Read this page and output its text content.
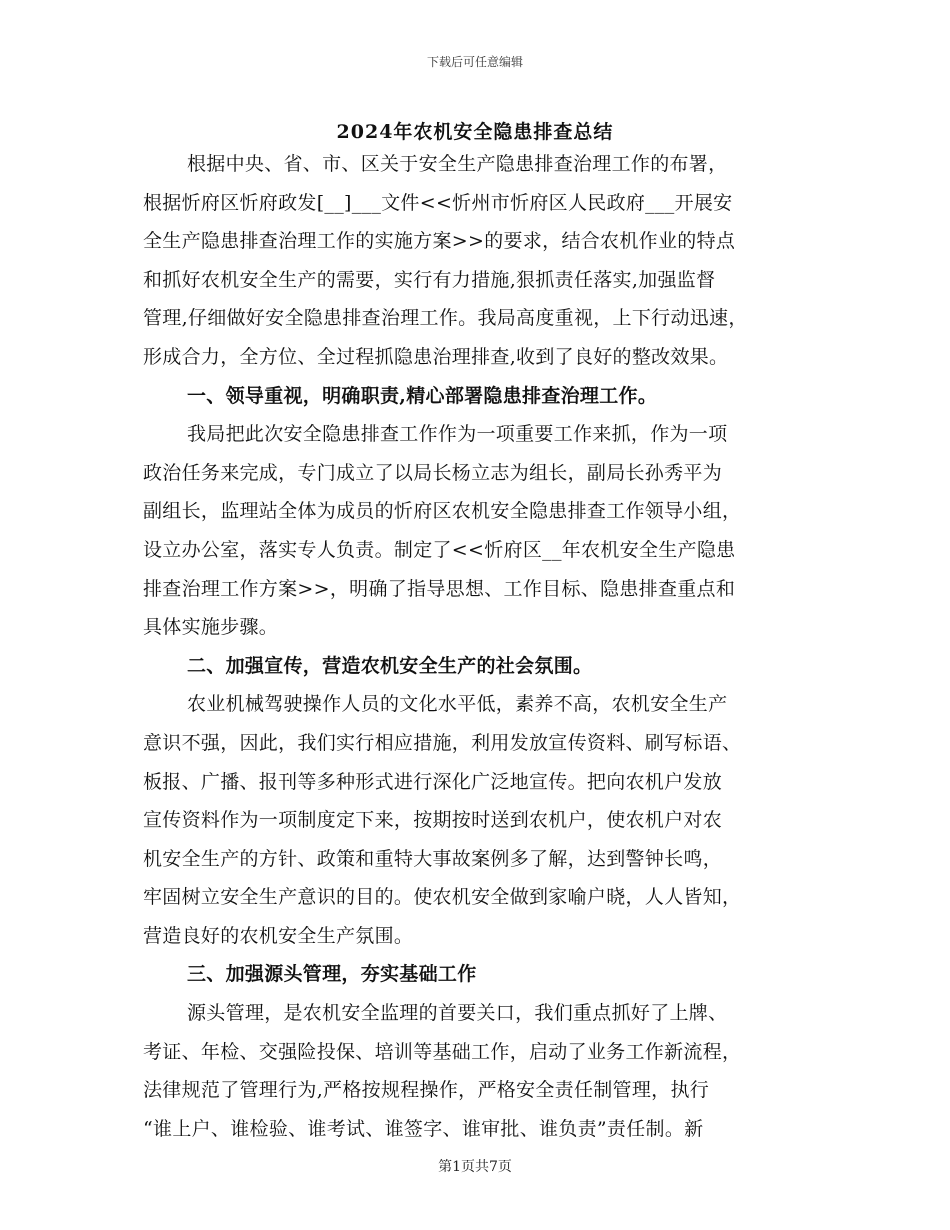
下载后可任意编辑
2024年农机安全隐患排查总结
根据中央、省、市、区关于安全生产隐患排查治理工作的布署，
根据忻府区忻府政发[__]___文件<<忻州市忻府区人民政府___开展安
全生产隐患排查治理工作的实施方案>>的要求，结合农机作业的特点
和抓好农机安全生产的需要，实行有力措施,狠抓责任落实,加强监督
管理,仔细做好安全隐患排查治理工作。我局高度重视，上下行动迅速，
形成合力，全方位、全过程抓隐患治理排查,收到了良好的整改效果。
一、领导重视，明确职责,精心部署隐患排查治理工作。
我局把此次安全隐患排查工作作为一项重要工作来抓，作为一项
政治任务来完成，专门成立了以局长杨立志为组长，副局长孙秀平为
副组长，监理站全体为成员的忻府区农机安全隐患排查工作领导小组，
设立办公室，落实专人负责。制定了<<忻府区__年农机安全生产隐患
排查治理工作方案>>，明确了指导思想、工作目标、隐患排查重点和
具体实施步骤。
二、加强宣传，营造农机安全生产的社会氛围。
农业机械驾驶操作人员的文化水平低，素养不高，农机安全生产
意识不强，因此，我们实行相应措施，利用发放宣传资料、刷写标语、
板报、广播、报刊等多种形式进行深化广泛地宣传。把向农机户发放
宣传资料作为一项制度定下来，按期按时送到农机户，使农机户对农
机安全生产的方针、政策和重特大事故案例多了解，达到警钟长鸣，
牢固树立安全生产意识的目的。使农机安全做到家喻户晓，人人皆知，
营造良好的农机安全生产氛围。
三、加强源头管理，夯实基础工作
源头管理，是农机安全监理的首要关口，我们重点抓好了上牌、
考证、年检、交强险投保、培训等基础工作，启动了业务工作新流程，
法律规范了管理行为,严格按规程操作，严格安全责任制管理，执行
“谁上户、谁检验、谁考试、谁签字、谁审批、谁负责”责任制。新
第1页共7页
